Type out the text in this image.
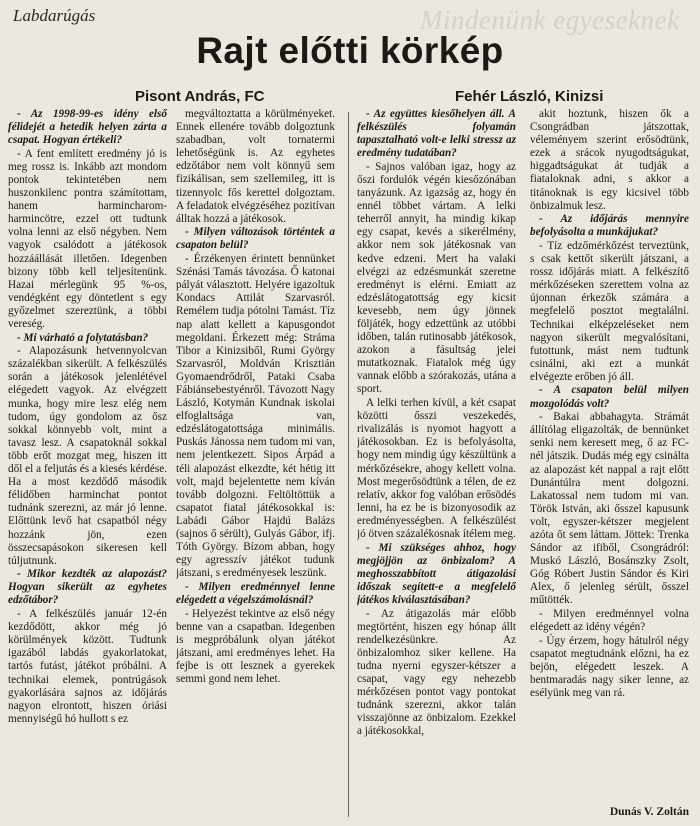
Mindenünk egyeseknek
Labdarúgás
Rajt előtti körkép
Pisont András, FC	Fehér László, Kinizsi

- Az 1998-99-es idény első félidejét a hetedik helyen zárta a csapat. Hogyan értékeli?

- A fent említett eredmény jó is meg rossz is. Inkább azt mondom pontok tekintetében nem huszonkilenc pontra számítottam, hanem harmincharom- harmincötre, ezzel ott tudtunk volna lenni az első négyben. Nem vagyok csalódott a játékosok hozzáállását illetően. Idegenben bizony több kell teljesítenünk. Hazai mérlegünk 95 %-os, vendégként egy döntetlent s egy győzelmet szereztünk, a többi vereség.

- Mi várható a folytatásban?

- Alapozásunk hetvennyolcvan százalékban sikerült. A felkészülés során a játékosok jelenlétével elégedett vagyok. Az elvégzett munka, hogy mire lesz elég nem tudom, úgy gondolom az ősz sokkal könnyebb volt, mint a tavasz lesz. A csapatoknál sokkal több erőt mozgat meg, hiszen itt dől el a feljutás és a kiesés kérdése. Ha a most kezdődő második félidőben harminchat pontot tudnánk szerezni, az már jó lenne. Előttünk levő hat csapatból négy hozzánk jön, ezen összecsapásokon sikeresen kell túljutnunk.

- Mikor kezdték az alapozást? Hogyan sikerült az egyhetes edzőtábor?

- A felkészülés január 12-én kezdődött, akkor még jó körülmények között. Tudtunk igazából labdás gyakorlatokat, tartós futást, játékot próbálni. A technikai elemek, pontrúgások gyakorlására sajnos az időjárás nagyon elrontott, hiszen óriási mennyiségű hó hullott s ez

megváltoztatta a körülményeket. Ennek ellenére tovább dolgoztunk szabadban, volt tornatermi lehetőségünk is. Az egyhetes edzőtábor nem volt könnyű sem fizikálisan, sem szellemileg, itt is tizennyolc fős kerettel dolgoztam. A feladatok elvégzéséhez pozitívan álltak hozzá a játékosok.

- Milyen változások történtek a csapaton belül?

- Érzékenyen érintett bennünket Szénási Tamás távozása. Ő katonai pályát választott. Helyére igazoltuk Kondacs Attilát Szarvasról. Remélem tudja pótolni Tamást. Tíz nap alatt kellett a kapusgondot megoldani. Érkezett még: Stráma Tibor a Kinizsiből, Rumi György Szarvasról, Moldván Krisztián Gyomaendrődről, Pataki Csaba Fábiánsebestyénről. Távozott Nagy László, Kotymán Kundnak iskolai elfoglaltsága van, edzéslátogatottsága minimális. Puskás Jánossa nem tudom mi van, nem jelentkezett. Sipos Árpád a téli alapozást elkezdte, két hétig itt volt, majd bejelentette nem kíván tovább dolgozni. Feltöltöttük a csapatot fiatal játékosokkal is: Labádi Gábor Hajdú Balázs (sajnos ő sérült), Gulyás Gábor, ifj. Tóth György. Bízom abban, hogy egy agresszív játékot tudunk játszani, s eredményesek leszünk.

- Milyen eredménnyel lenne elégedett a végelszámolásnál?

- Helyezést tekintve az első négy benne van a csapatban. Idegenben is megpróbálunk olyan játékot játszani, ami eredményes lehet. Ha fejbe is ott lesznek a gyerekek semmi gond nem lehet.

- Az együttes kiesőhelyen áll. A felkészülés folyamán tapasztalható volt-e lelki stressz az eredmény tudatában?

- Sajnos valóban igaz, hogy az őszi fordulók végén kiesőzónában tanyázunk. Az igazság az, hogy én ennél többet vártam. A lelki teherről annyit, ha mindig kikap egy csapat, kevés a sikerélmény, akkor nem sok játékosnak van kedve edzeni. Mert ha valaki elvégzi az edzésmunkát szeretne eredményt is elérni. Emiatt az edzéslátogatottság egy kicsit kevesebb, nem úgy jönnek följáték, hogy edzettünk az utóbbi időben, talán rutinosabb játékosok, azokon a fásultság jelei mutatkoznak. Fiatalok még úgy vannak előbb a szórakozás, utána a sport.

A lelki terhen kívül, a két csapat közötti ősszi veszekedés, rivalizálás is nyomot hagyott a játékosokban. Ez is befolyásolta, hogy nem mindig úgy készültünk a mérkőzésekre, ahogy kellett volna. Most megerősödtünk a télen, de ez relatív, akkor fog valóban erősödés lenni, ha ez be is bizonyosodik az eredményességben. A felkészülést jó ötven százalékosnak ítélem meg.

- Mi szükséges ahhoz, hogy megjöjjön az önbizalom? A meghosszabbított átigazolási időszak segített-e a megfelelő játékos kiválasztásában?

- Az átigazolás már előbb megtörtént, hiszen egy hónap állt rendelkezésünkre. Az önbizalomhoz siker kellene. Ha tudna nyerni egyszer-kétszer a csapat, vagy egy nehezebb mérkőzésen pontot vagy pontokat tudnánk szerezni, akkor talán visszajönne az önbizalom. Ezekkel a játékosokkal,

akit hoztunk, hiszen ők a Csongrádban játszottak, véleményem szerint erősödtünk, ezek a srácok nyugodtságukat, higgadtságukat át tudják a fiataloknak adni, s akkor a titánoknak is egy kicsivel több önbizalmuk lesz.

- Az időjárás mennyire befolyásolta a munkájukat?

- Tíz edzőmérkőzést terveztünk, s csak kettőt sikerült játszani, a rossz időjárás miatt. A felkészítő mérkőzéseken szerettem volna az újonnan érkezők számára a megfelelő posztot megtalálni. Technikai elképzeléseket nem nagyon sikerült megvalósítani, futottunk, mást nem tudtunk csinálni, aki ezt a munkát elvégezte erőben jó áll.

- A csapaton belül milyen mozgolódás volt?

- Bakai abbahagyta. Strámát állítólag eligazolták, de bennünket senki nem keresett meg, ő az FC-nél játszik. Dudás még egy csinálta az alapozást két nappal a rajt előtt Dunántúlra ment dolgozni. Lakatossal nem tudom mi van. Török István, aki ősszel kapusunk volt, egyszer-kétszer megjelent azóta őt sem láttam. Jöttek: Trenka Sándor az ifiből, Csongrádról: Muskó László, Bosánszky Zsolt, Góg Róbert Justin Sándor és Kiri Alex, ő jelenleg sérült, ősszel műtötték.

- Milyen eredménnyel volna elégedett az idény végén?

- Úgy érzem, hogy hátulról négy csapatot megtudnánk előzni, ha ez bejön, elégedett leszek. A bentmaradás nagy siker lenne, az esélyünk meg van rá.

Dunás V. Zoltán
